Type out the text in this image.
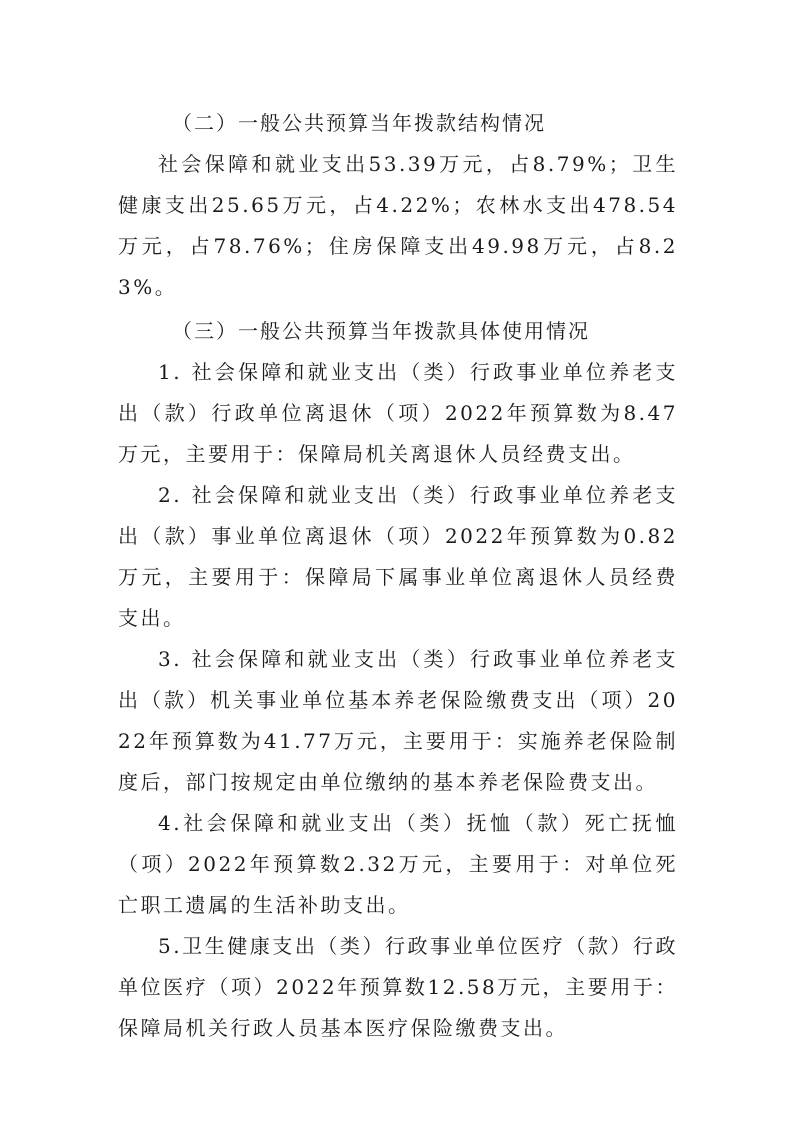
（二）一般公共预算当年拨款结构情况

社会保障和就业支出53.39万元，占8.79%；卫生健康支出25.65万元，占4.22%；农林水支出478.54万元，占78.76%；住房保障支出49.98万元，占8.23%。

（三）一般公共预算当年拨款具体使用情况

1. 社会保障和就业支出（类）行政事业单位养老支出（款）行政单位离退休（项）2022年预算数为8.47万元，主要用于：保障局机关离退休人员经费支出。

2. 社会保障和就业支出（类）行政事业单位养老支出（款）事业单位离退休（项）2022年预算数为0.82万元，主要用于：保障局下属事业单位离退休人员经费支出。

3. 社会保障和就业支出（类）行政事业单位养老支出（款）机关事业单位基本养老保险缴费支出（项）2022年预算数为41.77万元，主要用于：实施养老保险制度后，部门按规定由单位缴纳的基本养老保险费支出。

4.社会保障和就业支出（类）抚恤（款）死亡抚恤（项）2022年预算数2.32万元，主要用于：对单位死亡职工遗属的生活补助支出。

5.卫生健康支出（类）行政事业单位医疗（款）行政单位医疗（项）2022年预算数12.58万元，主要用于：保障局机关行政人员基本医疗保险缴费支出。
